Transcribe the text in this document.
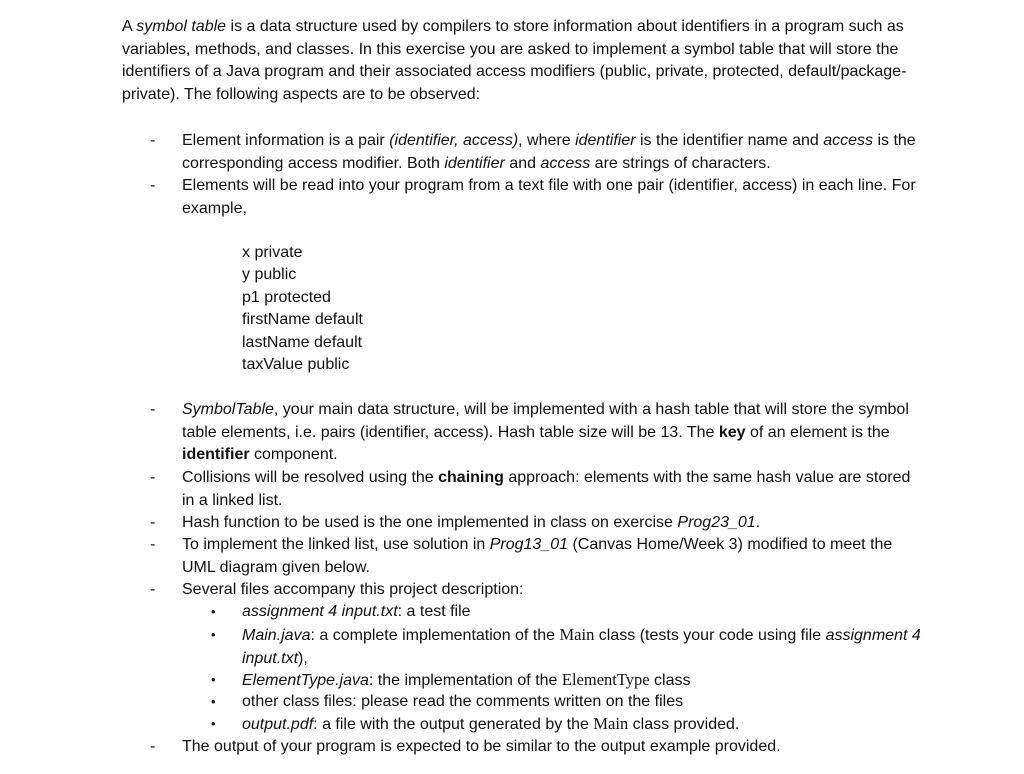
A symbol table is a data structure used by compilers to store information about identifiers in a program such as variables, methods, and classes. In this exercise you are asked to implement a symbol table that will store the identifiers of a Java program and their associated access modifiers (public, private, protected, default/package-private). The following aspects are to be observed:
-	Element information is a pair (identifier, access), where identifier is the identifier name and access is the corresponding access modifier. Both identifier and access are strings of characters.
-	Elements will be read into your program from a text file with one pair (identifier, access) in each line. For example,
x private
y public
p1 protected
firstName default
lastName default
taxValue public
-	SymbolTable, your main data structure, will be implemented with a hash table that will store the symbol table elements, i.e. pairs (identifier, access). Hash table size will be 13. The key of an element is the identifier component.
-	Collisions will be resolved using the chaining approach: elements with the same hash value are stored in a linked list.
-	Hash function to be used is the one implemented in class on exercise Prog23_01.
-	To implement the linked list, use solution in Prog13_01 (Canvas Home/Week 3) modified to meet the UML diagram given below.
-	Several files accompany this project description:
• assignment 4 input.txt: a test file
• Main.java: a complete implementation of the Main class (tests your code using file assignment 4 input.txt),
• ElementType.java: the implementation of the ElementType class
• other class files: please read the comments written on the files
• output.pdf: a file with the output generated by the Main class provided.
-	The output of your program is expected to be similar to the output example provided.
